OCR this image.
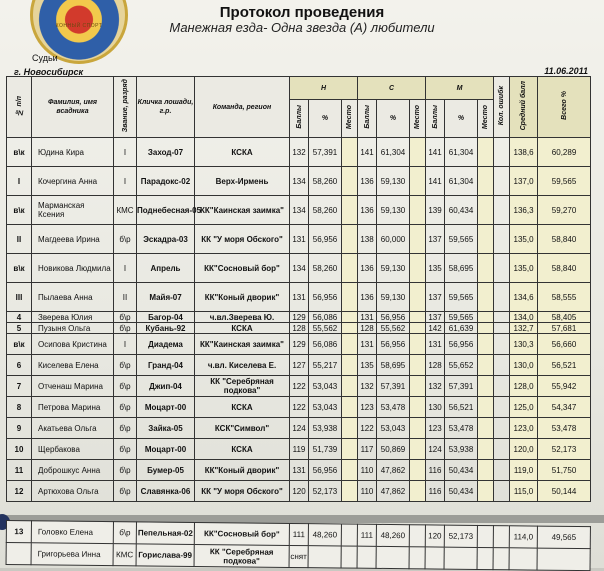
КОННЫЙ СПОРТ
Протокол проведения
Манежная езда- Одна звезда (А) любители
Судьи
г. Новосибирск	11.06.2011
№ п/п	Фамилия, имя всадника	Звание, разряд	Кличка лошади, г.р.	Команда, регион	Н			С			М			Кол. ошибк	Средний балл	Всего %
					Баллы	%	Место	Баллы	%	Место	Баллы	%	Место			
в\к	Юдина Кира	I	Заход-07	КСКА	132	57,391		141	61,304		141	61,304			138,6	60,289
I	Кочергина Анна	I	Парадокс-02	Верх-Ирмень	134	58,260		136	59,130		141	61,304			137,0	59,565
в\к	Марманская Ксения	КМС	Поднебесная-05	КК"Каинская заимка"	134	58,260		136	59,130		139	60,434			136,3	59,270
II	Магдеева Ирина	б\р	Эскадра-03	КК "У моря Обского"	131	56,956		138	60,000		137	59,565			135,0	58,840
в\к	Новикова Людмила	I	Апрель	КК"Сосновый бор"	134	58,260		136	59,130		135	58,695			135,0	58,840
III	Пылаева Анна	II	Майя-07	КК"Коный дворик"	131	56,956		136	59,130		137	59,565			134,6	58,555
4	Зверева Юлия	б\р	Багор-04	ч.вл.Зверева Ю.	129	56,086		131	56,956		137	59,565			134,0	58,405
5	Пузыня Ольга	б\р	Кубань-92	КСКА	128	55,562		128	55,562		142	61,639			132,7	57,681
в\к	Осипова Кристина	I	Диадема	КК"Каинская заимка"	129	56,086		131	56,956		131	56,956			130,3	56,660
6	Киселева Елена	б\р	Гранд-04	ч.вл. Киселева Е.	127	55,217		135	58,695		128	55,652			130,0	56,521
7	Отченаш Марина	б\р	Джип-04	КК "Серебряная подкова"	122	53,043		132	57,391		132	57,391			128,0	55,942
8	Петрова Марина	б\р	Моцарт-00	КСКА	122	53,043		123	53,478		130	56,521			125,0	54,347
9	Акатьева Ольга	б\р	Зайка-05	КСК"Символ"	124	53,938		122	53,043		123	53,478			123,0	53,478
10	Щербакова	б\р	Моцарт-00	КСКА	119	51,739		117	50,869		124	53,938			120,0	52,173
11	Доброшкус Анна	б\р	Бумер-05	КК"Коный дворик"	131	56,956		110	47,862		116	50,434			119,0	51,750
12	Артюхова Ольга	б\р	Славянка-06	КК "У моря Обского"	120	52,173		110	47,862		116	50,434			115,0	50,144
13	Головко Елена	б\р	Пепельная-02	КК"Сосновый бор"	111	48,260		111	48,260		120	52,173			114,0	49,565
	Григорьева Инна	КМС	Горислава-99	КК "Серебряная подкова"	снят											
